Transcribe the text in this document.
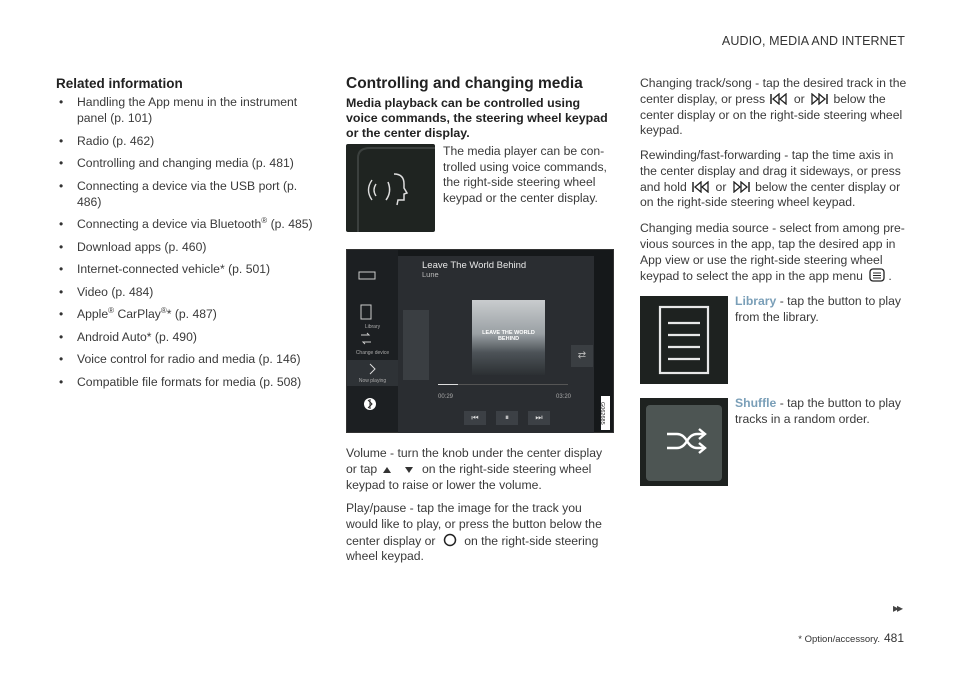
AUDIO, MEDIA AND INTERNET
Related information
• Handling the App menu in the instrument panel (p. 101)
• Radio (p. 462)
• Controlling and changing media (p. 481)
• Connecting a device via the USB port (p. 486)
• Connecting a device via Bluetooth® (p. 485)
• Download apps (p. 460)
• Internet-connected vehicle* (p. 501)
• Video (p. 484)
• Apple® CarPlay®* (p. 487)
• Android Auto* (p. 490)
• Voice control for radio and media (p. 146)
• Compatible file formats for media (p. 508)
Controlling and changing media

Media playback can be controlled using voice commands, the steering wheel keypad or the center display.

The media player can be con-trolled using voice commands, the right-side steering wheel keypad or the center display.

Library
Change device
Now playing
Leave The World Behind
Lune
⇄
LEAVE THE WORLD BEHIND
00:29	03:20
⏮	⏸	⏭	G062685

Volume - turn the knob under the center display or tap	on the right-side steering wheel keypad to raise or lower the volume.

Play/pause - tap the image for the track you would like to play, or press the button below the center display or on the right-side steering wheel keypad.

Changing track/song - tap the desired track in the center display, or press or below the center display or on the right-side steering wheel keypad.

Rewinding/fast-forwarding - tap the time axis in the center display and drag it sideways, or press and hold or below the center display or on the right-side steering wheel keypad.

Changing media source - select from among pre-vious sources in the app, tap the desired app in App view or use the right-side steering wheel keypad to select the app in the app menu .

Library - tap the button to play from the library.

Shuffle - tap the button to play tracks in a random order.

▸▸
* Option/accessory. 481
